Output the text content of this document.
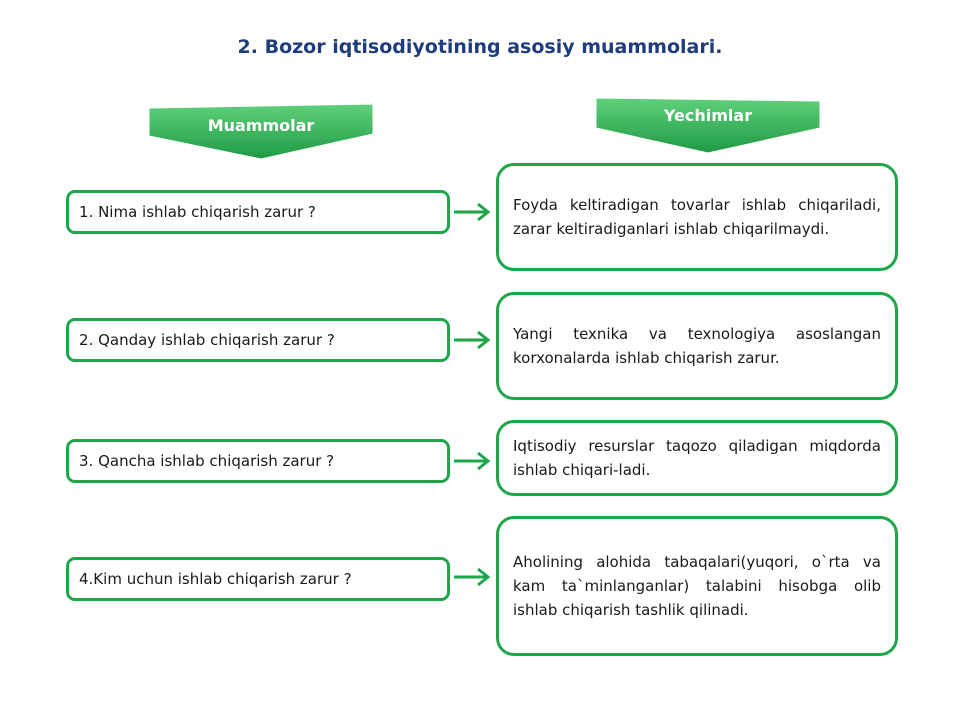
2. Bozor iqtisodiyotining asosiy muammolari.
Muammolar
Yechimlar
1. Nima ishlab chiqarish zarur ?	Foyda keltiradigan tovarlar ishlab chiqariladi, zarar keltiradiganlari ishlab chiqarilmaydi.
2. Qanday ishlab chiqarish zarur ?	Yangi texnika va texnologiya asoslangan korxonalarda ishlab chiqarish zarur.
3. Qancha ishlab chiqarish zarur ?
Iqtisodiy resurslar taqozo qiladigan miqdorda ishlab chiqari-ladi.
4.Kim uchun ishlab chiqarish zarur ?
Aholining alohida tabaqalari(yuqori, o`rta va kam ta`minlanganlar) talabini hisobga olib ishlab chiqarish tashlik qilinadi.
